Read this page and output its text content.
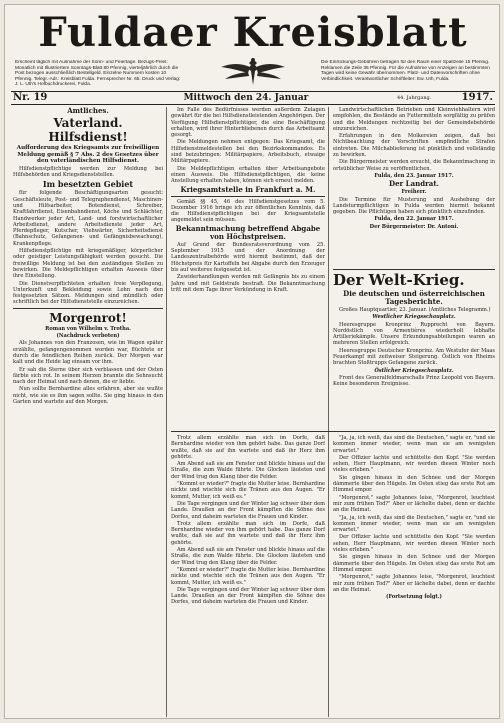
Fuldaer Kreisblatt
Erscheint täglich mit Ausnahme der Sonn- und Feiertage. Bezugs-Preis: Monatlich mit Illustriertem Sonntags-Blatt 80 Pfennig, vierteljährlich durch die Post bezogen ausschließlich Bestellgeld. Einzelne Nummern kosten 10 Pfennig. Telegr.-Adr.: Kreisblatt Fulda. Fernsprecher Nr. 65. Druck und Verlag: J. L. Uth's Hofbuchdruckerei, Fulda.
Die Einrückungs-Gebühren betragen für den Raum einer Spaltzeile 15 Pfennig. Reklamen die Zeile 35 Pfennig. Für die Aufnahme von Anzeigen an bestimmten Tagen wird keine Gewähr übernommen. Platz- und Datenvorschriften ohne Verbindlichkeit. Verantwortlicher Schriftleiter: Ew. Uth, Fulda.
Nr. 19	Mittwoch den 24. Januar	44. Jahrgang.	1917.

Amtliches.

Vaterland. Hilfsdienst!

Aufforderung des Kriegsamts zur freiwilligen Meldung gemäß § 7 Abs. 2 des Gesetzes über den vaterländischen Hilfsdienst.

Hilfsdienstpflichtige werden zur Meldung bei Hilfsbehörden und Kriegsdienststellen.

Im besetzten Gebiet

für folgende Beschäftigungsarten gesucht: Geschäftsleute, Post- und Telegraphendienst, Maschinen- und Hilfsarbeiter, Botendienst, Schreiber, Kraftfahrdienst, Eisenbahndienst, Köche und Schlächter, Handwerker jeder Art, Land- und forstwirtschaftlicher Arbeitsdienst, andere Arbeitsdienste jeder Art, Pferdepfleger, Kutscher, Viehwärter, Sicherheitsdienst (Bahnschutz, Gefangenen- und Gefängnisbewachung), Krankenpflege.

Hilfsdienstpflichtige mit kriegsmäßiger, körperlicher oder geistiger Leistungsfähigkeit werden gesucht. Die freiwillige Meldung ist bei den zuständigen Stellen zu bewirken. Die Meldepflichtigen erhalten Ausweis über ihre Einstellung.

Die Dienstverpflichteten erhalten freie Verpflegung, Unterkunft und Bekleidung sowie Lohn nach den festgesetzten Sätzen. Meldungen sind mündlich oder schriftlich bei der Hilfsdienststelle einzureichen.

Morgenrot!

Roman von Wilhelm v. Trotha.

(Nachdruck verboten)

Als Johannes von den Franzosen, wie im Wagen später erzählte, gefangengenommen worden war, flüchtete er durch die feindlichen Reihen zurück. Der Morgen war kalt und die Heide lag einsam vor ihm.

Er sah die Sterne über sich verblassen und der Osten färbte sich rot. In seinem Herzen brannte die Sehnsucht nach der Heimat und nach denen, die er liebte.

Nun sollte Bernhardine alles erfahren, aber sie wußte nicht, wie sie es ihm sagen sollte. Sie ging hinaus in den Garten und wartete auf den Morgen.

Im Falle des Bedürfnisses werden außerdem Zulagen gewährt für die bei Hilfsdienstleistenden Angehörigen. Der Verfügung Hilfsdienstpflichtiger, die eine Beschäftigung erhalten, wird ihrer Hinterbliebenen durch das Arbeitsamt gesorgt.

Die Meldungen nehmen entgegen: Das Kriegsamt, die Hilfsdienstmeldestellen bei den Bezirkskommandos. Es sind beizubringen: Militärpapiere, Arbeitsbuch, etwaige Militärpapiere.

Die Meldepflichtigen erhalten über Arbeitsangebote einen Ausweis. Die Hilfsdienstpflichtigen, die keine Anstellung erhalten haben, können sich erneut melden.

Kriegsamtstelle in Frankfurt a. M.

Gemäß §§ 45, 46 des Hilfsdienstgesetzes vom 5. Dezember 1916 bringe ich zur öffentlichen Kenntnis, daß die Hilfsdienstpflichtigen bei der Kriegsamtstelle angemeldet sein müssen.

Bekanntmachung betreffend Abgabe von Höchstpreisen.

Auf Grund der Bundesratsverordnung vom 25. September 1915 und der Anordnung der Landeszentralbehörde wird hiermit bestimmt, daß der Höchstpreis für Kartoffeln bei Abgabe durch den Erzeuger bis auf weiteres festgesetzt ist.

Zuwiderhandlungen werden mit Gefängnis bis zu einem Jahre und mit Geldstrafe bestraft. Die Bekanntmachung tritt mit dem Tage ihrer Verkündung in Kraft.

Landwirtschaftlichen Betrieben und Kleinviehhaltern wird empfohlen, die Bestände an Futtermitteln sorgfältig zu prüfen und die Meldungen rechtzeitig bei der Gemeindebehörde einzureichen.

Erfahrungen in den Molkereien zeigen, daß bei Nichtbeachtung der Vorschriften empfindliche Strafen eintreten. Die Milchablieferung ist pünktlich und vollständig zu bewirken.

Die Bürgermeister werden ersucht, die Bekanntmachung in ortsüblicher Weise zu veröffentlichen.

Fulda, den 23. Januar 1917.

Der Landrat.

Freiherr.

Die Termine für Musterung und Aushebung der Landsturmpflichtigen in Fulda werden hiermit bekannt gegeben. Die Pflichtigen haben sich pünktlich einzufinden.

Fulda, den 22. Januar 1917.

Der Bürgermeister: Dr. Antoni.

Der Welt-Krieg.

Die deutschen und österreichischen Tagesberichte.

Großes Hauptquartier, 23. Januar. (Amtliches Telegramm.)

Westlicher Kriegsschauplatz.

Heeresgruppe Kronprinz Rupprecht von Bayern. Nordöstlich von Armentières wiederholt lebhafte Artilleriekämpfe. Unsere Erkundungsabteilungen waren an mehreren Stellen erfolgreich.

Heeresgruppe Deutscher Kronprinz. Am Westufer der Maas Feuerkampf mit zeitweiser Steigerung. Östlich von Rheims brachten Stoßtrupps Gefangene zurück.

Östlicher Kriegsschauplatz.

Front des Generalfeldmarschalls Prinz Leopold von Bayern. Keine besonderen Ereignisse.

Trotz allem erzählte man sich im Dorfe, daß Bernhardine wieder von ihm gehört habe. Das ganze Dorf wußte, daß sie auf ihn wartete und daß ihr Herz ihm gehörte.

Am Abend saß sie am Fenster und blickte hinaus auf die Straße, die zum Walde führte. Die Glocken läuteten und der Wind trug den Klang über die Felder.

"Kommt er wieder?" fragte die Mutter leise. Bernhardine nickte und wischte sich die Tränen aus den Augen. "Er kommt, Mutter, ich weiß es."

Die Tage vergingen und der Winter lag schwer über dem Lande. Draußen an der Front kämpften die Söhne des Dorfes, und daheim warteten die Frauen und Kinder.

Trotz allem erzählte man sich im Dorfe, daß Bernhardine wieder von ihm gehört habe. Das ganze Dorf wußte, daß sie auf ihn wartete und daß ihr Herz ihm gehörte.

Am Abend saß sie am Fenster und blickte hinaus auf die Straße, die zum Walde führte. Die Glocken läuteten und der Wind trug den Klang über die Felder.

"Kommt er wieder?" fragte die Mutter leise. Bernhardine nickte und wischte sich die Tränen aus den Augen. "Er kommt, Mutter, ich weiß es."

Die Tage vergingen und der Winter lag schwer über dem Lande. Draußen an der Front kämpften die Söhne des Dorfes, und daheim warteten die Frauen und Kinder.

"Ja, ja, ich weiß, das sind die Deutschen," sagte er, "und sie kommen immer wieder, wenn man sie am wenigsten erwartet."

Der Offizier lachte und schüttelte den Kopf. "Sie werden sehen, Herr Hauptmann, wir werden diesen Winter noch vieles erleben."

Sie gingen hinaus in den Schnee und der Morgen dämmerte über den Hügeln. Im Osten stieg das erste Rot am Himmel empor.

"Morgenrot," sagte Johannes leise, "Morgenrot, leuchtest mir zum frühen Tod?" Aber er lächelte dabei, denn er dachte an die Heimat.

"Ja, ja, ich weiß, das sind die Deutschen," sagte er, "und sie kommen immer wieder, wenn man sie am wenigsten erwartet."

Der Offizier lachte und schüttelte den Kopf. "Sie werden sehen, Herr Hauptmann, wir werden diesen Winter noch vieles erleben."

Sie gingen hinaus in den Schnee und der Morgen dämmerte über den Hügeln. Im Osten stieg das erste Rot am Himmel empor.

"Morgenrot," sagte Johannes leise, "Morgenrot, leuchtest mir zum frühen Tod?" Aber er lächelte dabei, denn er dachte an die Heimat.

(Fortsetzung folgt.)
